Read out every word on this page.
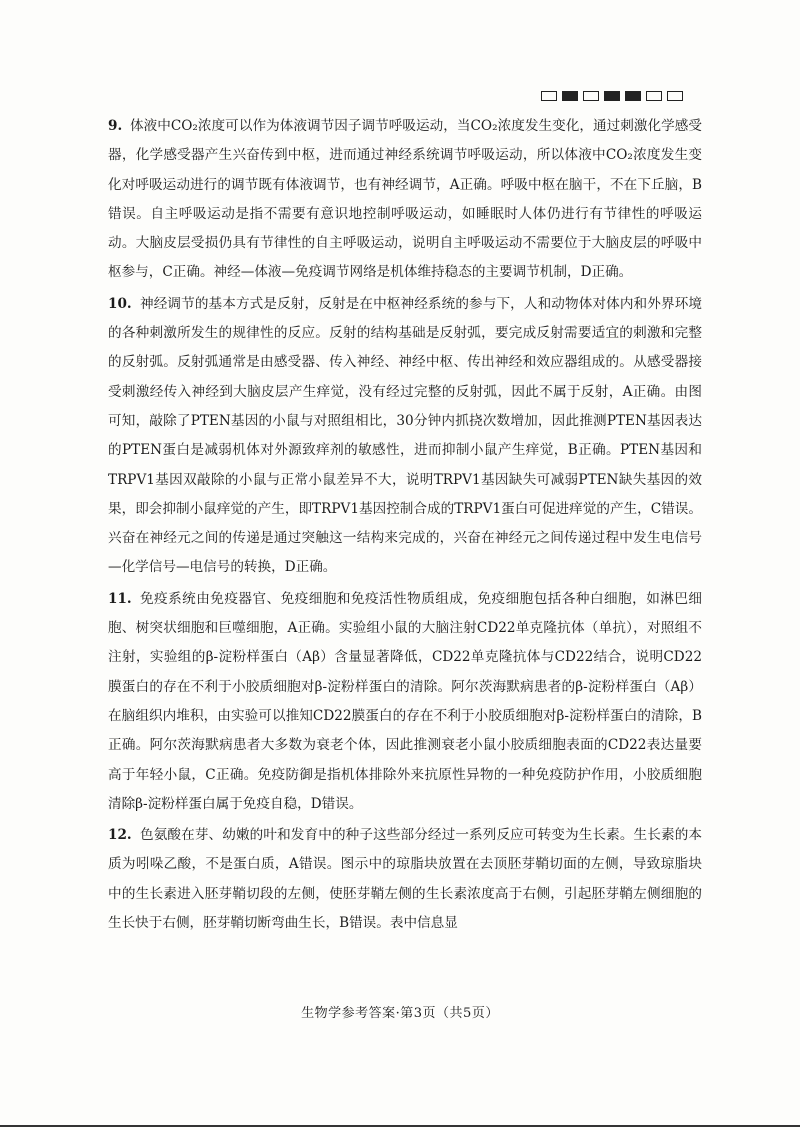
9. 体液中CO₂浓度可以作为体液调节因子调节呼吸运动，当CO₂浓度发生变化，通过刺激化学感受器，化学感受器产生兴奋传到中枢，进而通过神经系统调节呼吸运动，所以体液中CO₂浓度发生变化对呼吸运动进行的调节既有体液调节，也有神经调节，A正确。呼吸中枢在脑干，不在下丘脑，B错误。自主呼吸运动是指不需要有意识地控制呼吸运动，如睡眠时人体仍进行有节律性的呼吸运动。大脑皮层受损仍具有节律性的自主呼吸运动，说明自主呼吸运动不需要位于大脑皮层的呼吸中枢参与，C正确。神经—体液—免疫调节网络是机体维持稳态的主要调节机制，D正确。
10. 神经调节的基本方式是反射，反射是在中枢神经系统的参与下，人和动物体对体内和外界环境的各种刺激所发生的规律性的反应。反射的结构基础是反射弧，要完成反射需要适宜的刺激和完整的反射弧。反射弧通常是由感受器、传入神经、神经中枢、传出神经和效应器组成的。从感受器接受刺激经传入神经到大脑皮层产生痒觉，没有经过完整的反射弧，因此不属于反射，A正确。由图可知，敲除了PTEN基因的小鼠与对照组相比，30分钟内抓挠次数增加，因此推测PTEN基因表达的PTEN蛋白是减弱机体对外源致痒剂的敏感性，进而抑制小鼠产生痒觉，B正确。PTEN基因和TRPV1基因双敲除的小鼠与正常小鼠差异不大，说明TRPV1基因缺失可减弱PTEN缺失基因的效果，即会抑制小鼠痒觉的产生，即TRPV1基因控制合成的TRPV1蛋白可促进痒觉的产生，C错误。兴奋在神经元之间的传递是通过突触这一结构来完成的，兴奋在神经元之间传递过程中发生电信号—化学信号—电信号的转换，D正确。
11. 免疫系统由免疫器官、免疫细胞和免疫活性物质组成，免疫细胞包括各种白细胞，如淋巴细胞、树突状细胞和巨噬细胞，A正确。实验组小鼠的大脑注射CD22单克隆抗体（单抗），对照组不注射，实验组的β-淀粉样蛋白（Aβ）含量显著降低，CD22单克隆抗体与CD22结合，说明CD22膜蛋白的存在不利于小胶质细胞对β-淀粉样蛋白的清除。阿尔茨海默病患者的β-淀粉样蛋白（Aβ）在脑组织内堆积，由实验可以推知CD22膜蛋白的存在不利于小胶质细胞对β-淀粉样蛋白的清除，B正确。阿尔茨海默病患者大多数为衰老个体，因此推测衰老小鼠小胶质细胞表面的CD22表达量要高于年轻小鼠，C正确。免疫防御是指机体排除外来抗原性异物的一种免疫防护作用，小胶质细胞清除β-淀粉样蛋白属于免疫自稳，D错误。
12. 色氨酸在芽、幼嫩的叶和发育中的种子这些部分经过一系列反应可转变为生长素。生长素的本质为吲哚乙酸，不是蛋白质，A错误。图示中的琼脂块放置在去顶胚芽鞘切面的左侧，导致琼脂块中的生长素进入胚芽鞘切段的左侧，使胚芽鞘左侧的生长素浓度高于右侧，引起胚芽鞘左侧细胞的生长快于右侧，胚芽鞘切断弯曲生长，B错误。表中信息显
生物学参考答案·第3页（共5页）
